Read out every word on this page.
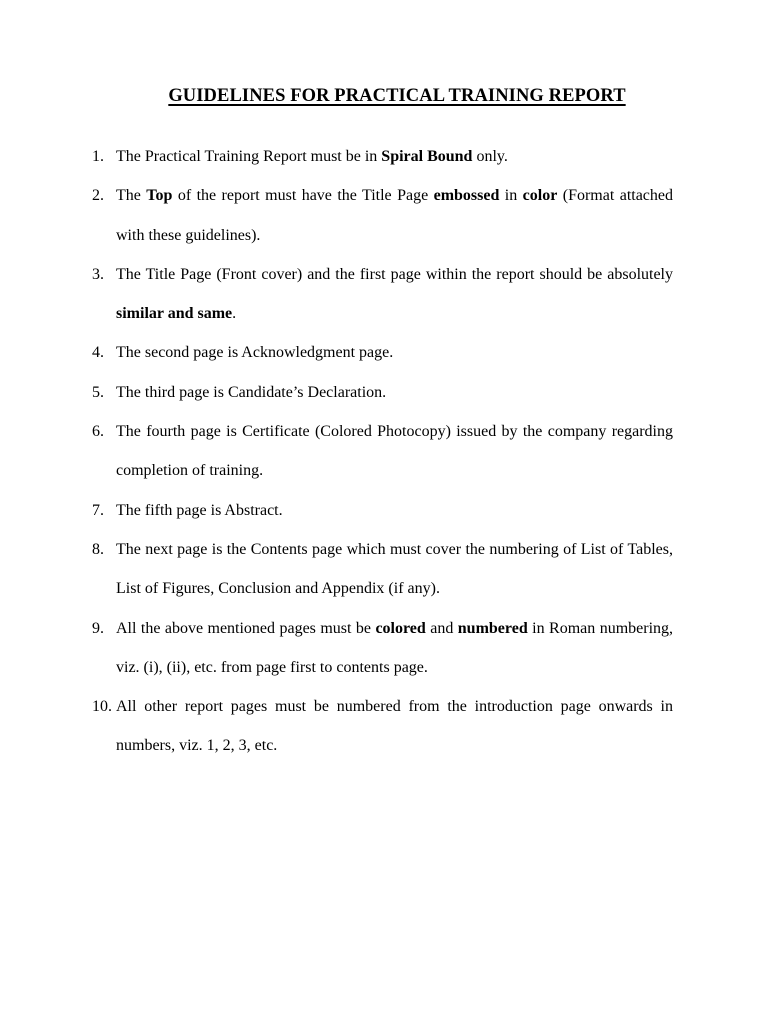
GUIDELINES FOR PRACTICAL TRAINING REPORT
1. The Practical Training Report must be in Spiral Bound only.
2. The Top of the report must have the Title Page embossed in color (Format attached with these guidelines).
3. The Title Page (Front cover) and the first page within the report should be absolutely similar and same.
4. The second page is Acknowledgment page.
5. The third page is Candidate’s Declaration.
6. The fourth page is Certificate (Colored Photocopy) issued by the company regarding completion of training.
7. The fifth page is Abstract.
8. The next page is the Contents page which must cover the numbering of List of Tables, List of Figures, Conclusion and Appendix (if any).
9. All the above mentioned pages must be colored and numbered in Roman numbering, viz. (i), (ii), etc. from page first to contents page.
10. All other report pages must be numbered from the introduction page onwards in numbers, viz. 1, 2, 3, etc.
